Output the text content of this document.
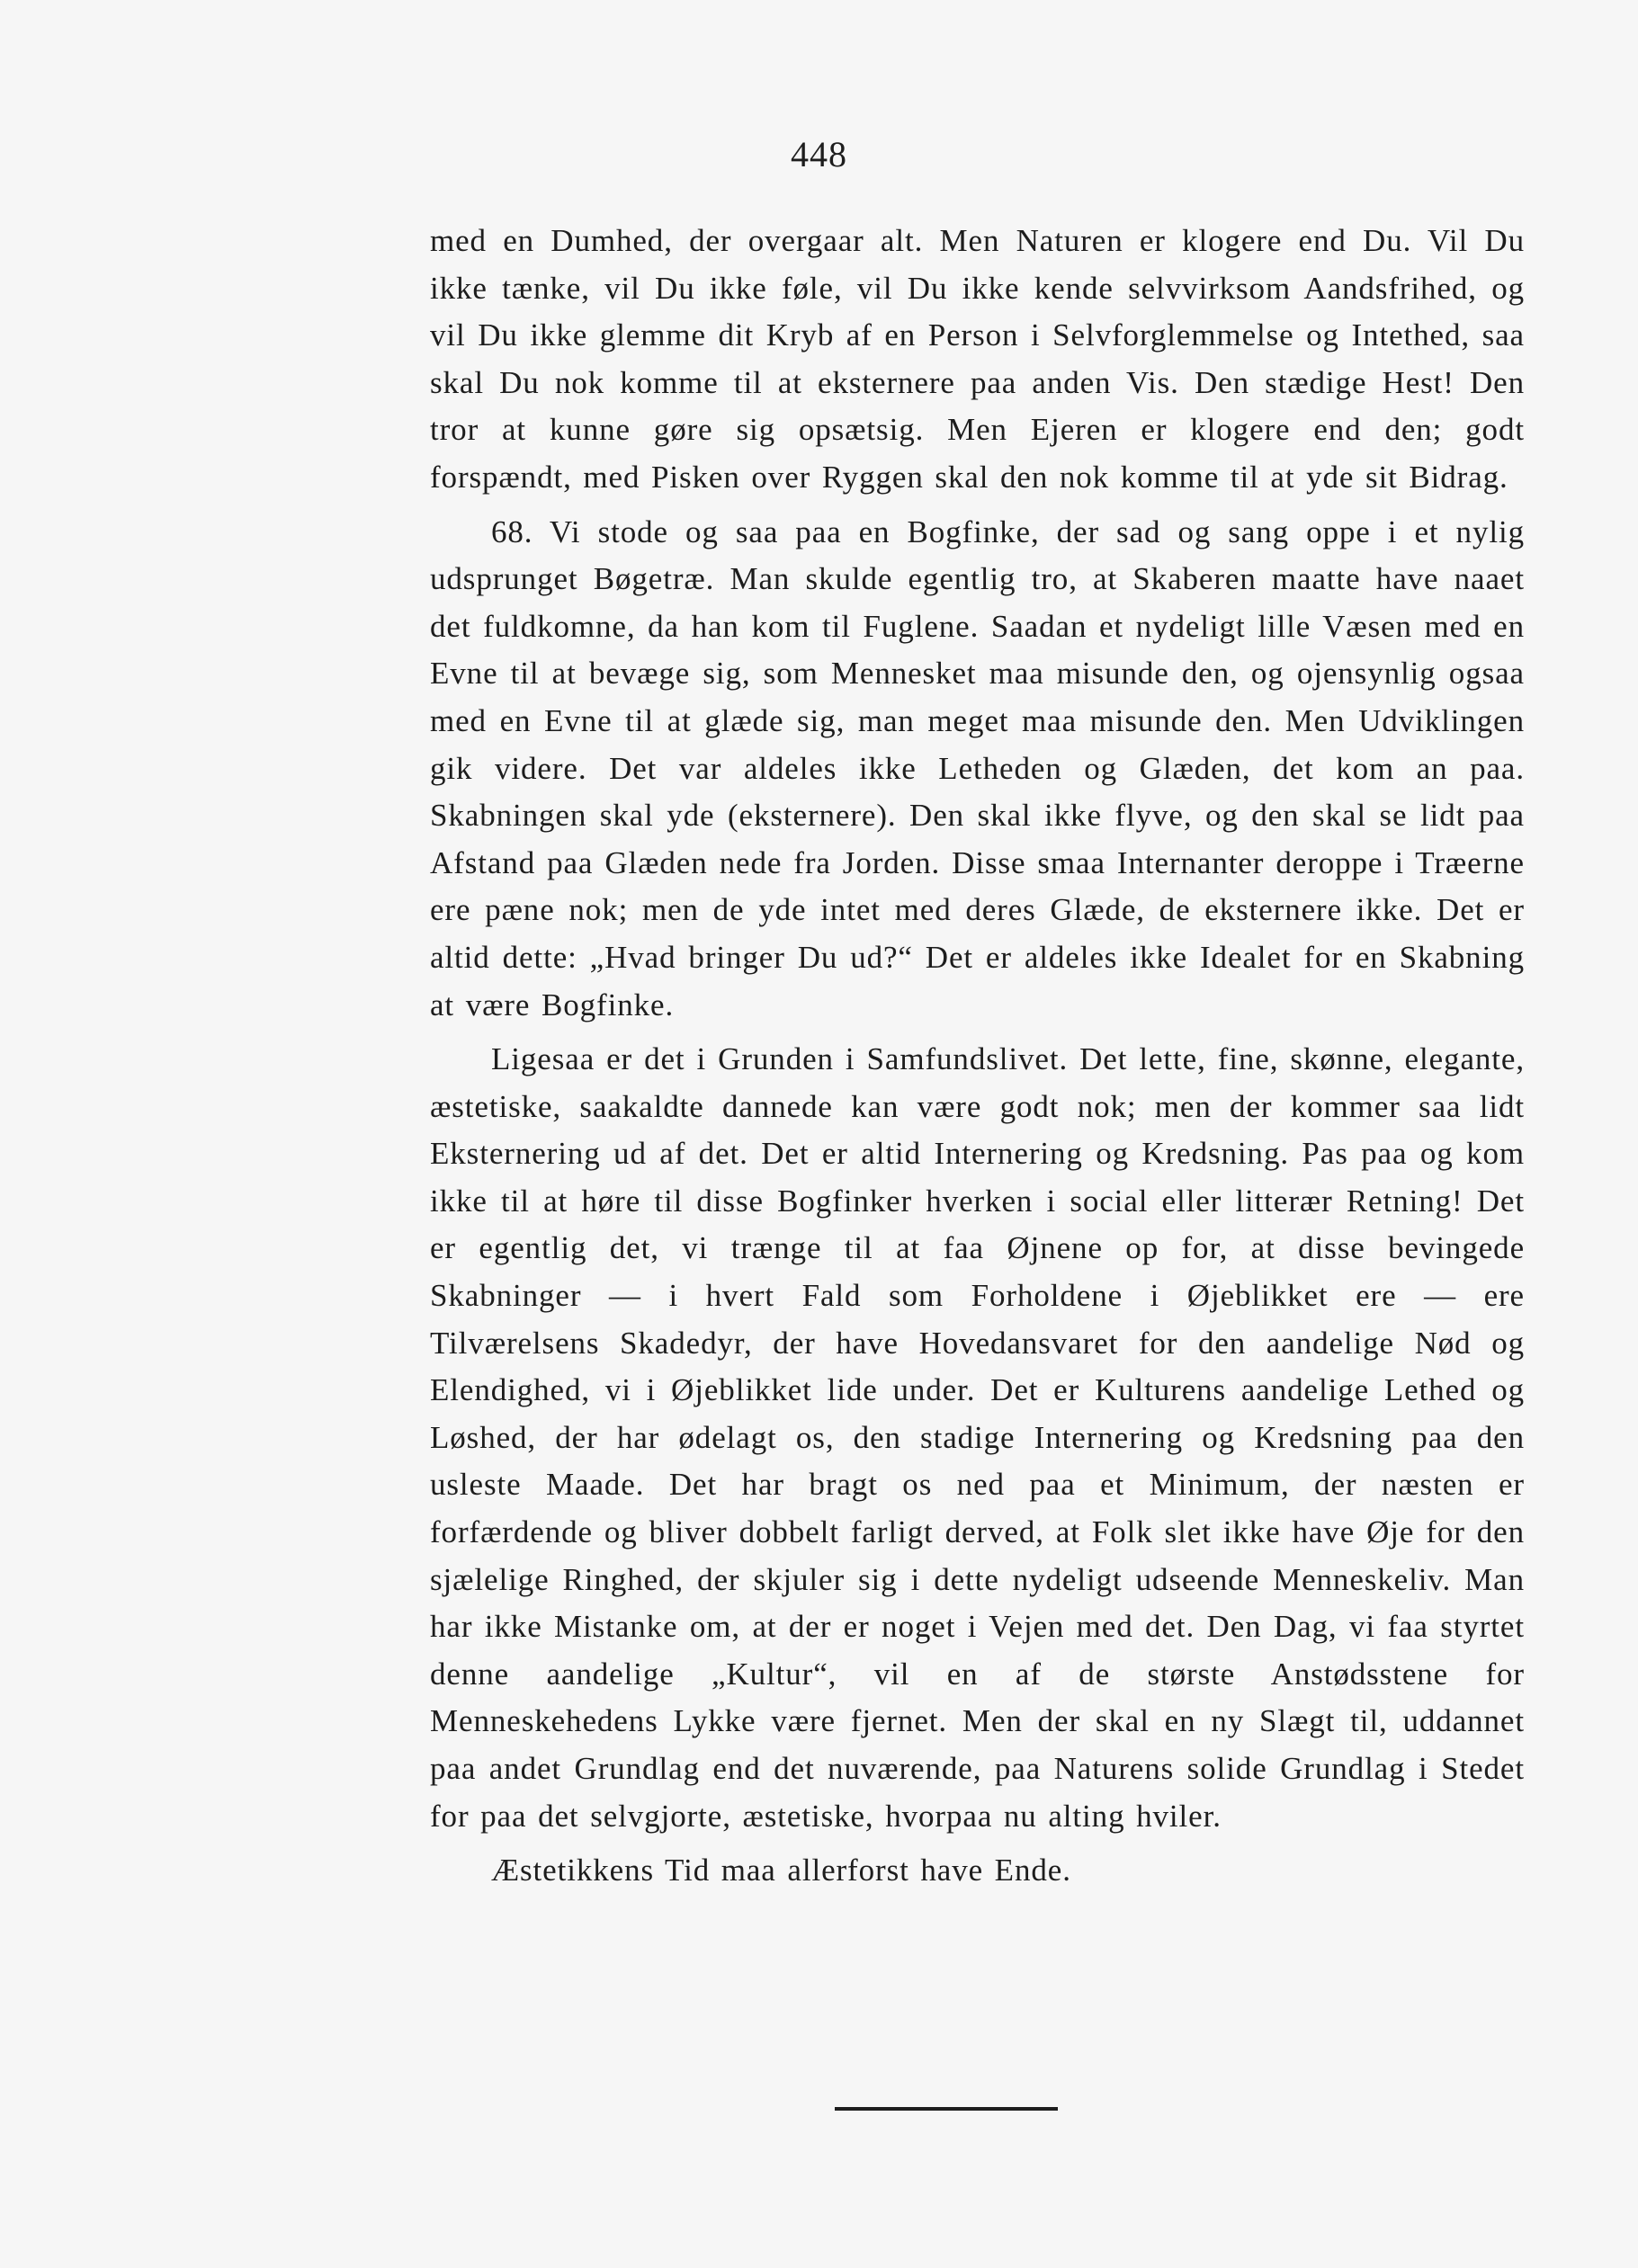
448

med en Dumhed, der overgaar alt. Men Naturen er klogere end Du. Vil Du ikke tænke, vil Du ikke føle, vil Du ikke kende selvvirksom Aandsfrihed, og vil Du ikke glemme dit Kryb af en Person i Selvforglemmelse og Intethed, saa skal Du nok komme til at eksternere paa anden Vis. Den stædige Hest! Den tror at kunne gøre sig opsætsig. Men Ejeren er klogere end den; godt forspændt, med Pisken over Ryggen skal den nok komme til at yde sit Bidrag.

68. Vi stode og saa paa en Bogfinke, der sad og sang oppe i et nylig udsprunget Bøgetræ. Man skulde egentlig tro, at Skaberen maatte have naaet det fuldkomne, da han kom til Fuglene. Saadan et nydeligt lille Væsen med en Evne til at bevæge sig, som Mennesket maa misunde den, og ojensynlig ogsaa med en Evne til at glæde sig, man meget maa misunde den. Men Udviklingen gik videre. Det var aldeles ikke Letheden og Glæden, det kom an paa. Skabningen skal yde (eksternere). Den skal ikke flyve, og den skal se lidt paa Afstand paa Glæden nede fra Jorden. Disse smaa Internanter deroppe i Træerne ere pæne nok; men de yde intet med deres Glæde, de eksternere ikke. Det er altid dette: „Hvad bringer Du ud?“ Det er aldeles ikke Idealet for en Skabning at være Bogfinke.

Ligesaa er det i Grunden i Samfundslivet. Det lette, fine, skønne, elegante, æstetiske, saakaldte dannede kan være godt nok; men der kommer saa lidt Eksternering ud af det. Det er altid Internering og Kredsning. Pas paa og kom ikke til at høre til disse Bogfinker hverken i social eller litterær Retning! Det er egentlig det, vi trænge til at faa Øjnene op for, at disse bevingede Skabninger — i hvert Fald som Forholdene i Øjeblikket ere — ere Tilværelsens Skadedyr, der have Hovedansvaret for den aandelige Nød og Elendighed, vi i Øjeblikket lide under. Det er Kulturens aandelige Lethed og Løshed, der har ødelagt os, den stadige Internering og Kredsning paa den usleste Maade. Det har bragt os ned paa et Minimum, der næsten er forfærdende og bliver dobbelt farligt derved, at Folk slet ikke have Øje for den sjælelige Ringhed, der skjuler sig i dette nydeligt udseende Menneskeliv. Man har ikke Mistanke om, at der er noget i Vejen med det. Den Dag, vi faa styrtet denne aandelige „Kultur“, vil en af de største Anstødsstene for Menneskehedens Lykke være fjernet. Men der skal en ny Slægt til, uddannet paa andet Grundlag end det nuværende, paa Naturens solide Grundlag i Stedet for paa det selvgjorte, æstetiske, hvorpaa nu alting hviler.

Æstetikkens Tid maa allerforst have Ende.
